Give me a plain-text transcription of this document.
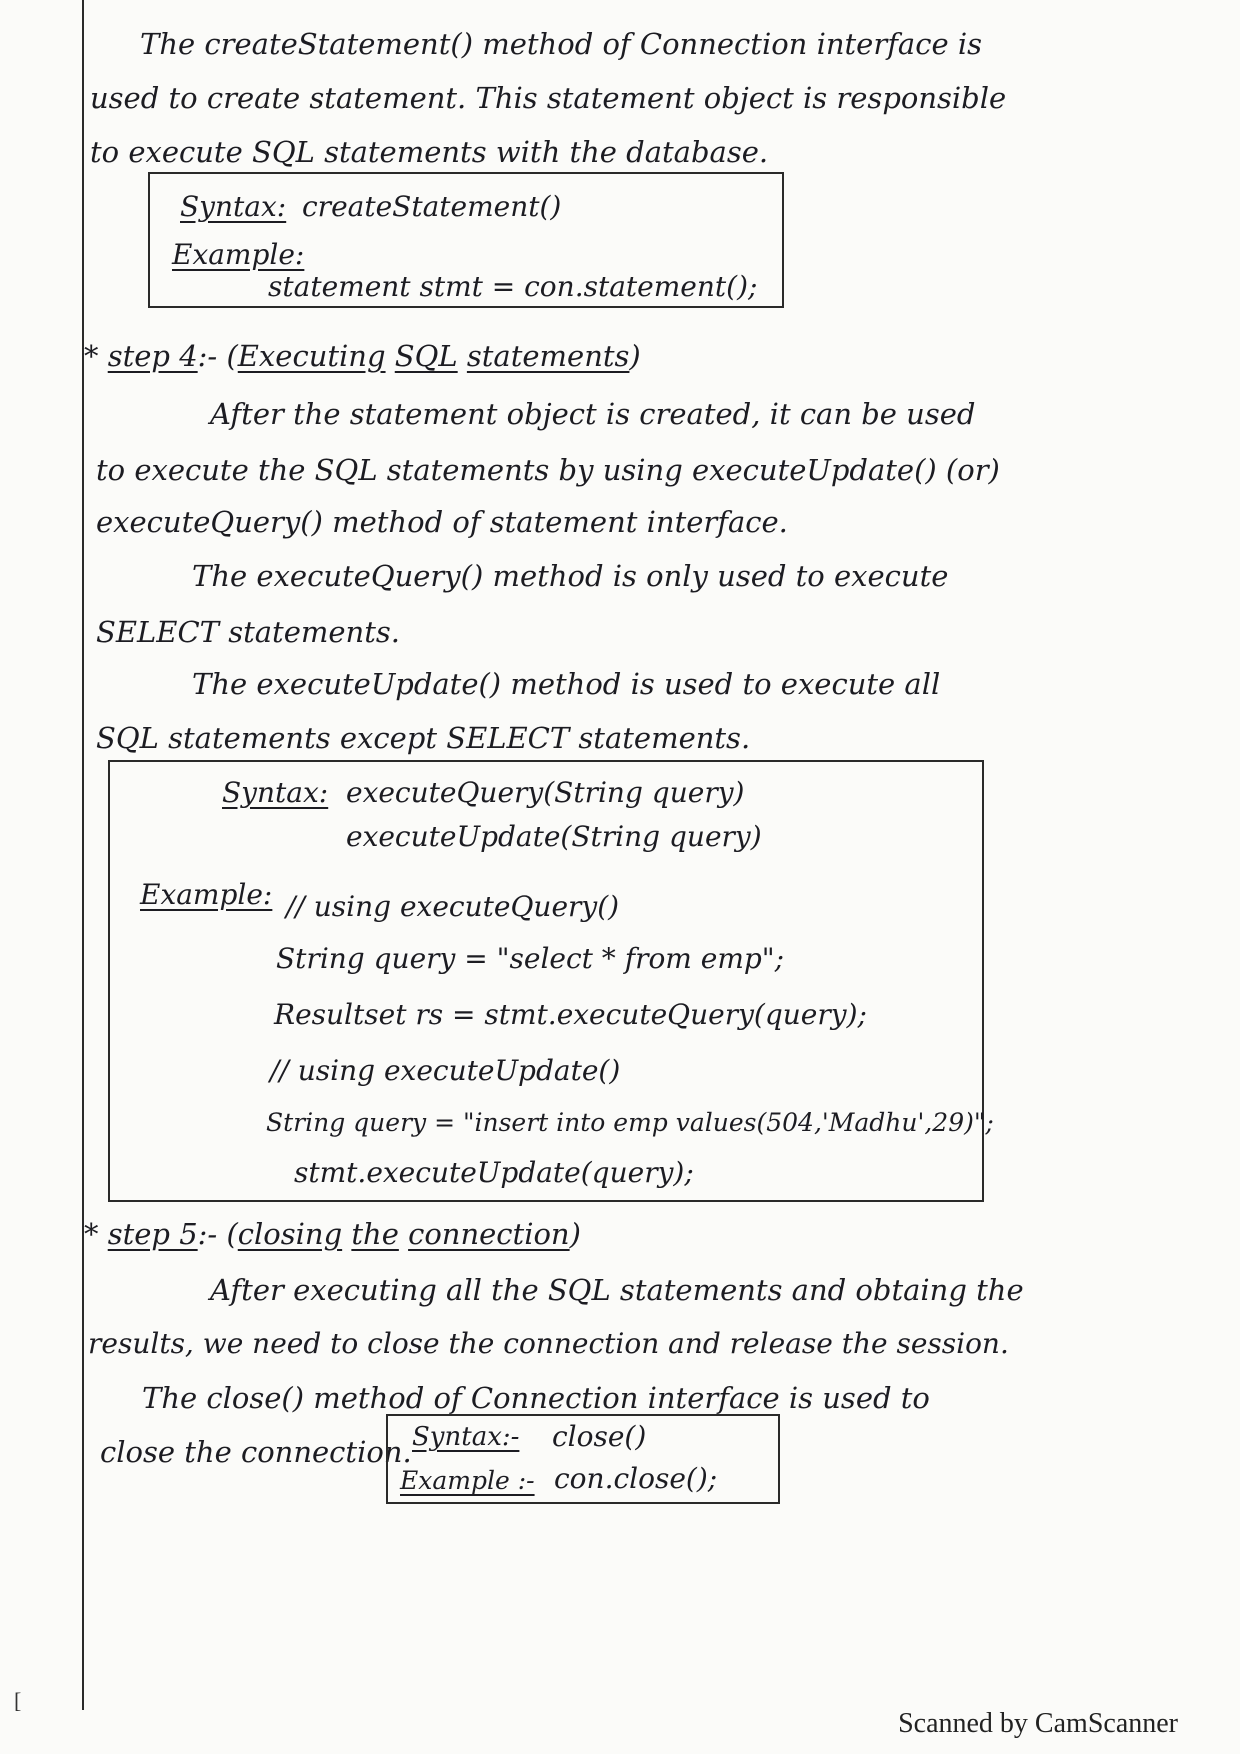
The createStatement() method of Connection interface is
used to create statement. This statement object is responsible
to execute SQL statements with the database.
Syntax: createStatement()
Example:
statement stmt = con.statement();
* step 4:- (Executing SQL statements)
After the statement object is created, it can be used
to execute the SQL statements by using executeUpdate() (or)
executeQuery() method of statement interface.
The executeQuery() method is only used to execute
SELECT statements.
The executeUpdate() method is used to execute all
SQL statements except SELECT statements.
Syntax: executeQuery(String query)
executeUpdate(String query)
Example: // using executeQuery()
String query = "select * from emp";
Resultset rs = stmt.executeQuery(query);
// using executeUpdate()
String query = "insert into emp values(504,'Madhu',29)";
stmt.executeUpdate(query);
* step 5:- (closing the connection)
After executing all the SQL statements and obtaing the
results, we need to close the connection and release the session.
The close() method of Connection interface is used to
close the connection. Syntax:- close()
Example :- con.close();
[
Scanned by CamScanner
